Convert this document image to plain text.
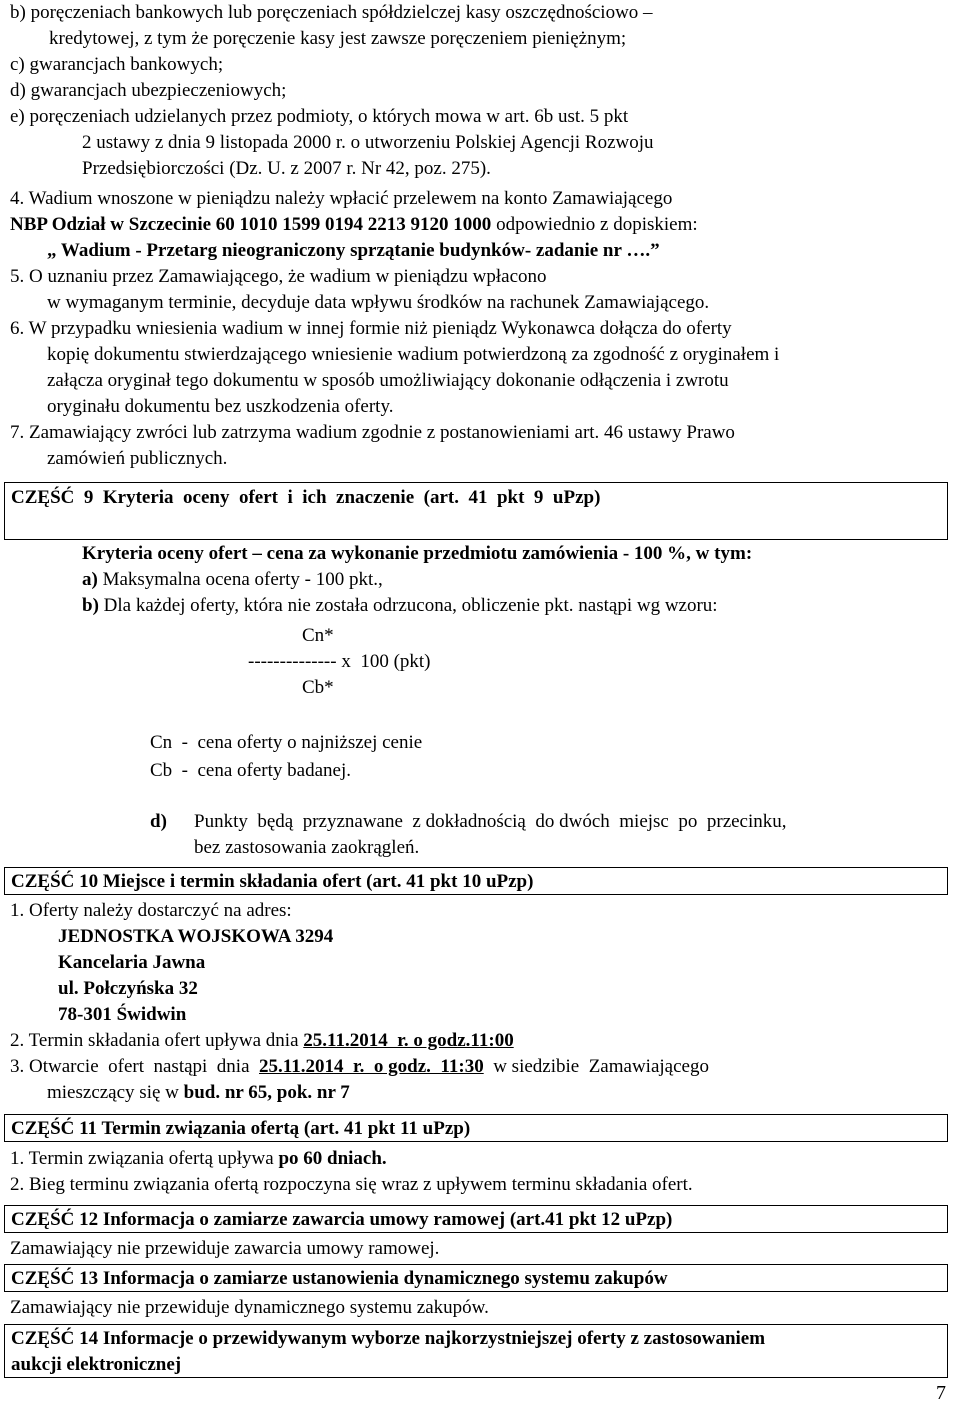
b) poręczeniach bankowych lub poręczeniach spółdzielczej kasy oszczędnościowo –
kredytowej, z tym że poręczenie kasy jest zawsze poręczeniem pieniężnym;
c) gwarancjach bankowych;
d) gwarancjach ubezpieczeniowych;
e) poręczeniach udzielanych przez podmioty, o których mowa w art. 6b ust. 5 pkt
2 ustawy z dnia 9 listopada 2000 r. o utworzeniu Polskiej Agencji Rozwoju
Przedsiębiorczości (Dz. U. z 2007 r. Nr 42, poz. 275).
4. Wadium wnoszone w pieniądzu należy wpłacić przelewem na konto Zamawiającego
NBP Odział w Szczecinie 60 1010 1599 0194 2213 9120 1000 odpowiednio z dopiskiem:
„ Wadium - Przetarg nieograniczony sprzątanie budynków- zadanie nr ….”
5. O uznaniu przez Zamawiającego, że wadium w pieniądzu wpłacono
w wymaganym terminie, decyduje data wpływu środków na rachunek Zamawiającego.
6. W przypadku wniesienia wadium w innej formie niż pieniądz Wykonawca dołącza do oferty
kopię dokumentu stwierdzającego wniesienie wadium potwierdzoną za zgodność z oryginałem i
załącza oryginał tego dokumentu w sposób umożliwiający dokonanie odłączenia i zwrotu
oryginału dokumentu bez uszkodzenia oferty.
7. Zamawiający zwróci lub zatrzyma wadium zgodnie z postanowieniami art. 46 ustawy Prawo
zamówień publicznych.
CZĘŚĆ  9  Kryteria  oceny  ofert  i  ich  znaczenie  (art.  41  pkt  9  uPzp)
Kryteria oceny ofert – cena za wykonanie przedmiotu zamówienia - 100 %, w tym:
a) Maksymalna ocena oferty - 100 pkt.,
b) Dla każdej oferty, która nie została odrzucona, obliczenie pkt. nastąpi wg wzoru:
Cn*
-------------- x  100 (pkt)
Cb*
Cn  -  cena oferty o najniższej cenie
Cb  -  cena oferty badanej.
d)	Punkty  będą  przyznawane  z dokładnością  do dwóch  miejsc  po  przecinku,
bez zastosowania zaokrągleń.
CZĘŚĆ 10 Miejsce i termin składania ofert (art. 41 pkt 10 uPzp)
1. Oferty należy dostarczyć na adres:
JEDNOSTKA WOJSKOWA 3294
Kancelaria Jawna
ul. Połczyńska 32
78-301 Świdwin
2. Termin składania ofert upływa dnia 25.11.2014  r. o godz.11:00
3. Otwarcie  ofert  nastąpi  dnia  25.11.2014  r.  o godz.  11:30  w siedzibie  Zamawiającego
mieszczący się w bud. nr 65, pok. nr 7
CZĘŚĆ 11 Termin związania ofertą (art. 41 pkt 11 uPzp)
1. Termin związania ofertą upływa po 60 dniach.
2. Bieg terminu związania ofertą rozpoczyna się wraz z upływem terminu składania ofert.
CZĘŚĆ 12 Informacja o zamiarze zawarcia umowy ramowej (art.41 pkt 12 uPzp)
Zamawiający nie przewiduje zawarcia umowy ramowej.
CZĘŚĆ 13 Informacja o zamiarze ustanowienia dynamicznego systemu zakupów
Zamawiający nie przewiduje dynamicznego systemu zakupów.
CZĘŚĆ 14 Informacje o przewidywanym wyborze najkorzystniejszej oferty z zastosowaniem
aukcji elektronicznej
7
